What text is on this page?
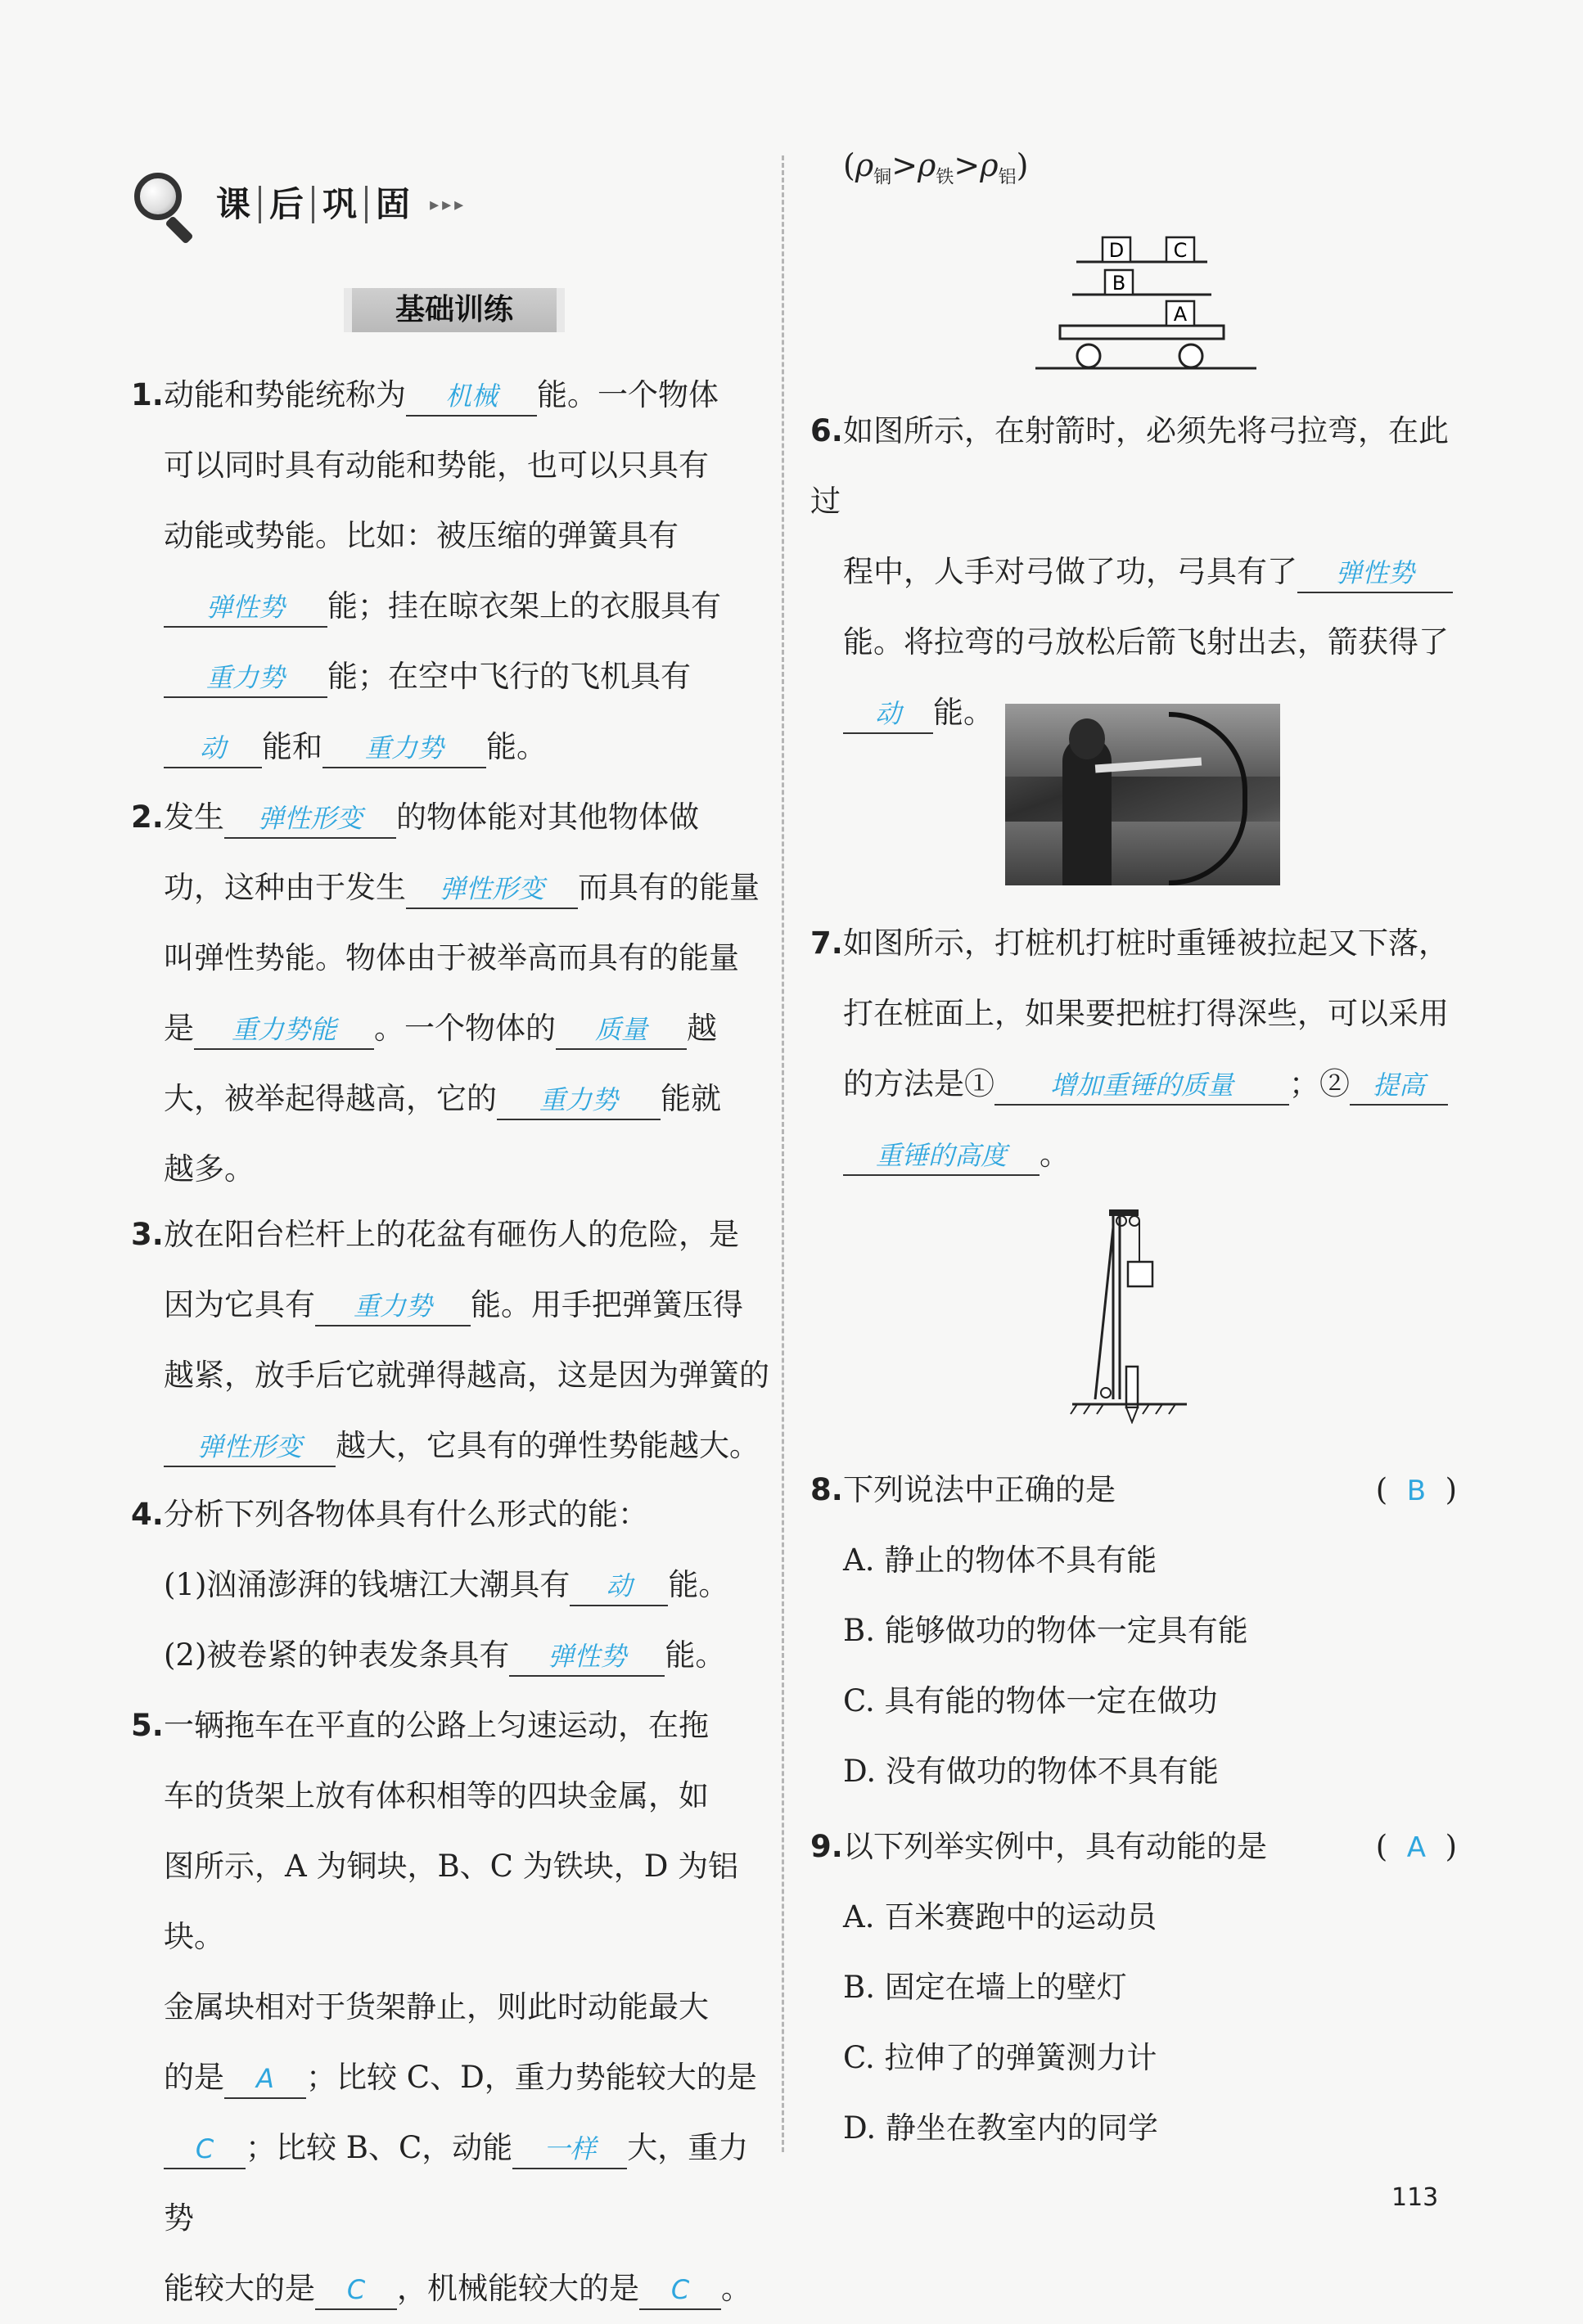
课 后 巩 固	▸▸▸
基础训练
1.动能和势能统称为 机械 能。一个物体
可以同时具有动能和势能，也可以只具有
动能或势能。比如：被压缩的弹簧具有
弹性势 能；挂在晾衣架上的衣服具有
重力势 能；在空中飞行的飞机具有
动 能和 重力势 能。
2.发生 弹性形变 的物体能对其他物体做
功，这种由于发生 弹性形变 而具有的能量
叫弹性势能。物体由于被举高而具有的能量
是 重力势能 。一个物体的 质量 越
大，被举起得越高，它的 重力势 能就
越多。
3.放在阳台栏杆上的花盆有砸伤人的危险，是
因为它具有 重力势 能。用手把弹簧压得
越紧，放手后它就弹得越高，这是因为弹簧的
弹性形变 越大，它具有的弹性势能越大。
4.分析下列各物体具有什么形式的能：
(1)汹涌澎湃的钱塘江大潮具有 动 能。
(2)被卷紧的钟表发条具有 弹性势 能。
5.一辆拖车在平直的公路上匀速运动，在拖
车的货架上放有体积相等的四块金属，如
图所示，A 为铜块，B、C 为铁块，D 为铝块。
金属块相对于货架静止，则此时动能最大
的是 A ；比较 C、D，重力势能较大的是
C ；比较 B、C，动能 一样 大，重力势
能较大的是 C ，机械能较大的是 C 。
$(\rho_铜>\rho_铁>\rho_铝)$
D	C
B
A
6.如图所示，在射箭时，必须先将弓拉弯，在此过
程中，人手对弓做了功，弓具有了 弹性势
能。将拉弯的弓放松后箭飞射出去，箭获得了
动 能。
7.如图所示，打桩机打桩时重锤被拉起又下落，
打在桩面上，如果要把桩打得深些，可以采用
的方法是① 增加重锤的质量 ；② 提高
重锤的高度 。
8.下列说法中正确的是	( B )
A. 静止的物体不具有能
B. 能够做功的物体一定具有能
C. 具有能的物体一定在做功
D. 没有做功的物体不具有能
9.以下列举实例中，具有动能的是	( A )
A. 百米赛跑中的运动员
B. 固定在墙上的壁灯
C. 拉伸了的弹簧测力计
D. 静坐在教室内的同学
113
